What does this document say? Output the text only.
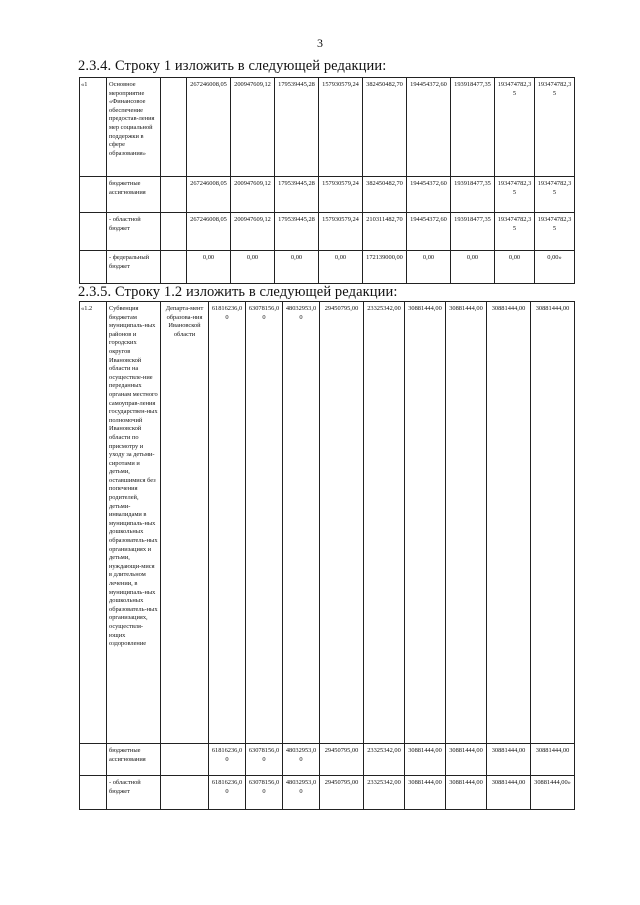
3
2.3.4. Строку 1 изложить в следующей редакции:
«1	Основное мероприятие «Финансовое обеспечение предостав-ления мер социальной поддержки в сфере образования»		267246008,05	200947609,12	179539445,28	157930579,24	382450482,70	194454372,60	193918477,35	193474782,35	193474782,35
	бюджетные ассигнования		267246008,05	200947609,12	179539445,28	157930579,24	382450482,70	194454372,60	193918477,35	193474782,35	193474782,35
	- областной бюджет		267246008,05	200947609,12	179539445,28	157930579,24	210311482,70	194454372,60	193918477,35	193474782,35	193474782,35
	- федеральный бюджет		0,00	0,00	0,00	0,00	172139000,00	0,00	0,00	0,00	0,00»
2.3.5. Строку 1.2 изложить в следующей редакции:
«1.2	Субвенция бюджетам муниципаль-ных районов и городских округов Ивановской области на осуществле-ние переданных органам местного самоуправ-ления государствен-ных полномочий Ивановской области по присмотру и уходу за детьми-сиротами и детьми, оставшимися без попечения родителей, детьми-инвалидами в муниципаль-ных дошкольных образователь-ных организациях и детьми, нуждающи-мися в длительном лечении, в муниципаль-ных дошкольных образователь-ных организациях, осуществля-ющих оздоровление	Департа-мент образова-ния Ивановской области	61816236,00	63078156,00	48032953,00	29450795,00	23325342,00	30881444,00	30881444,00	30881444,00	30881444,00
	бюджетные ассигнования		61816236,00	63078156,00	48032953,00	29450795,00	23325342,00	30881444,00	30881444,00	30881444,00	30881444,00
	- областной бюджет		61816236,00	63078156,00	48032953,00	29450795,00	23325342,00	30881444,00	30881444,00	30881444,00	30881444,00»
